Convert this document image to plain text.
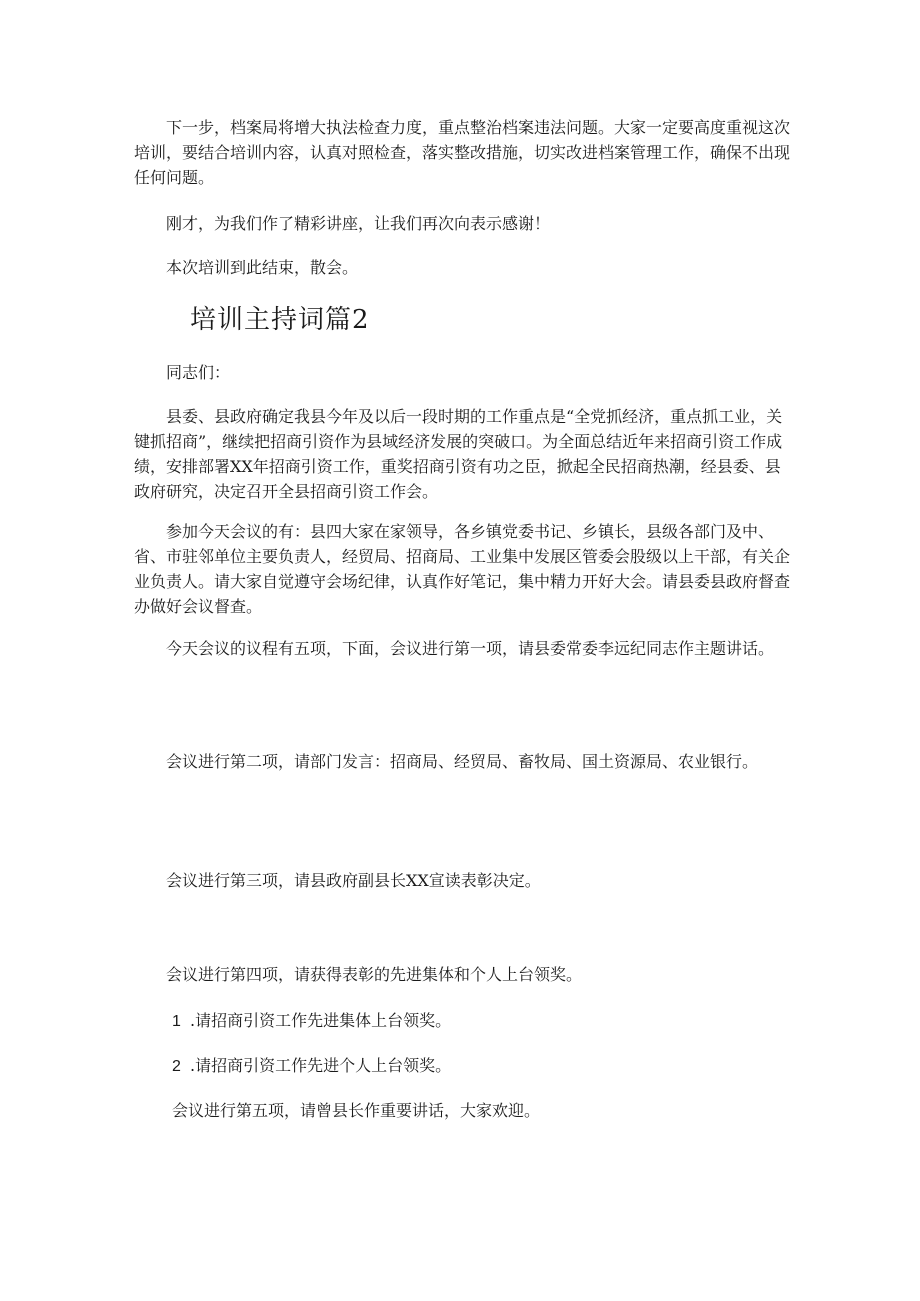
下一步，档案局将增大执法检查力度，重点整治档案违法问题。大家一定要高度重视这次培训，要结合培训内容，认真对照检查，落实整改措施，切实改进档案管理工作，确保不出现任何问题。

刚才，为我们作了精彩讲座，让我们再次向表示感谢！

本次培训到此结束，散会。

培训主持词篇2

同志们：

县委、县政府确定我县今年及以后一段时期的工作重点是“全党抓经济，重点抓工业，关键抓招商”，继续把招商引资作为县域经济发展的突破口。为全面总结近年来招商引资工作成绩，安排部署XX年招商引资工作，重奖招商引资有功之臣，掀起全民招商热潮，经县委、县政府研究，决定召开全县招商引资工作会。

参加今天会议的有：县四大家在家领导，各乡镇党委书记、乡镇长，县级各部门及中、省、市驻邻单位主要负责人，经贸局、招商局、工业集中发展区管委会股级以上干部，有关企业负责人。请大家自觉遵守会场纪律，认真作好笔记，集中精力开好大会。请县委县政府督查办做好会议督查。

今天会议的议程有五项，下面，会议进行第一项，请县委常委李远纪同志作主题讲话。

会议进行第二项，请部门发言：招商局、经贸局、畜牧局、国土资源局、农业银行。

会议进行第三项，请县政府副县长XX宣读表彰决定。

会议进行第四项，请获得表彰的先进集体和个人上台领奖。

1 .请招商引资工作先进集体上台领奖。

2 .请招商引资工作先进个人上台领奖。

会议进行第五项，请曾县长作重要讲话，大家欢迎。
